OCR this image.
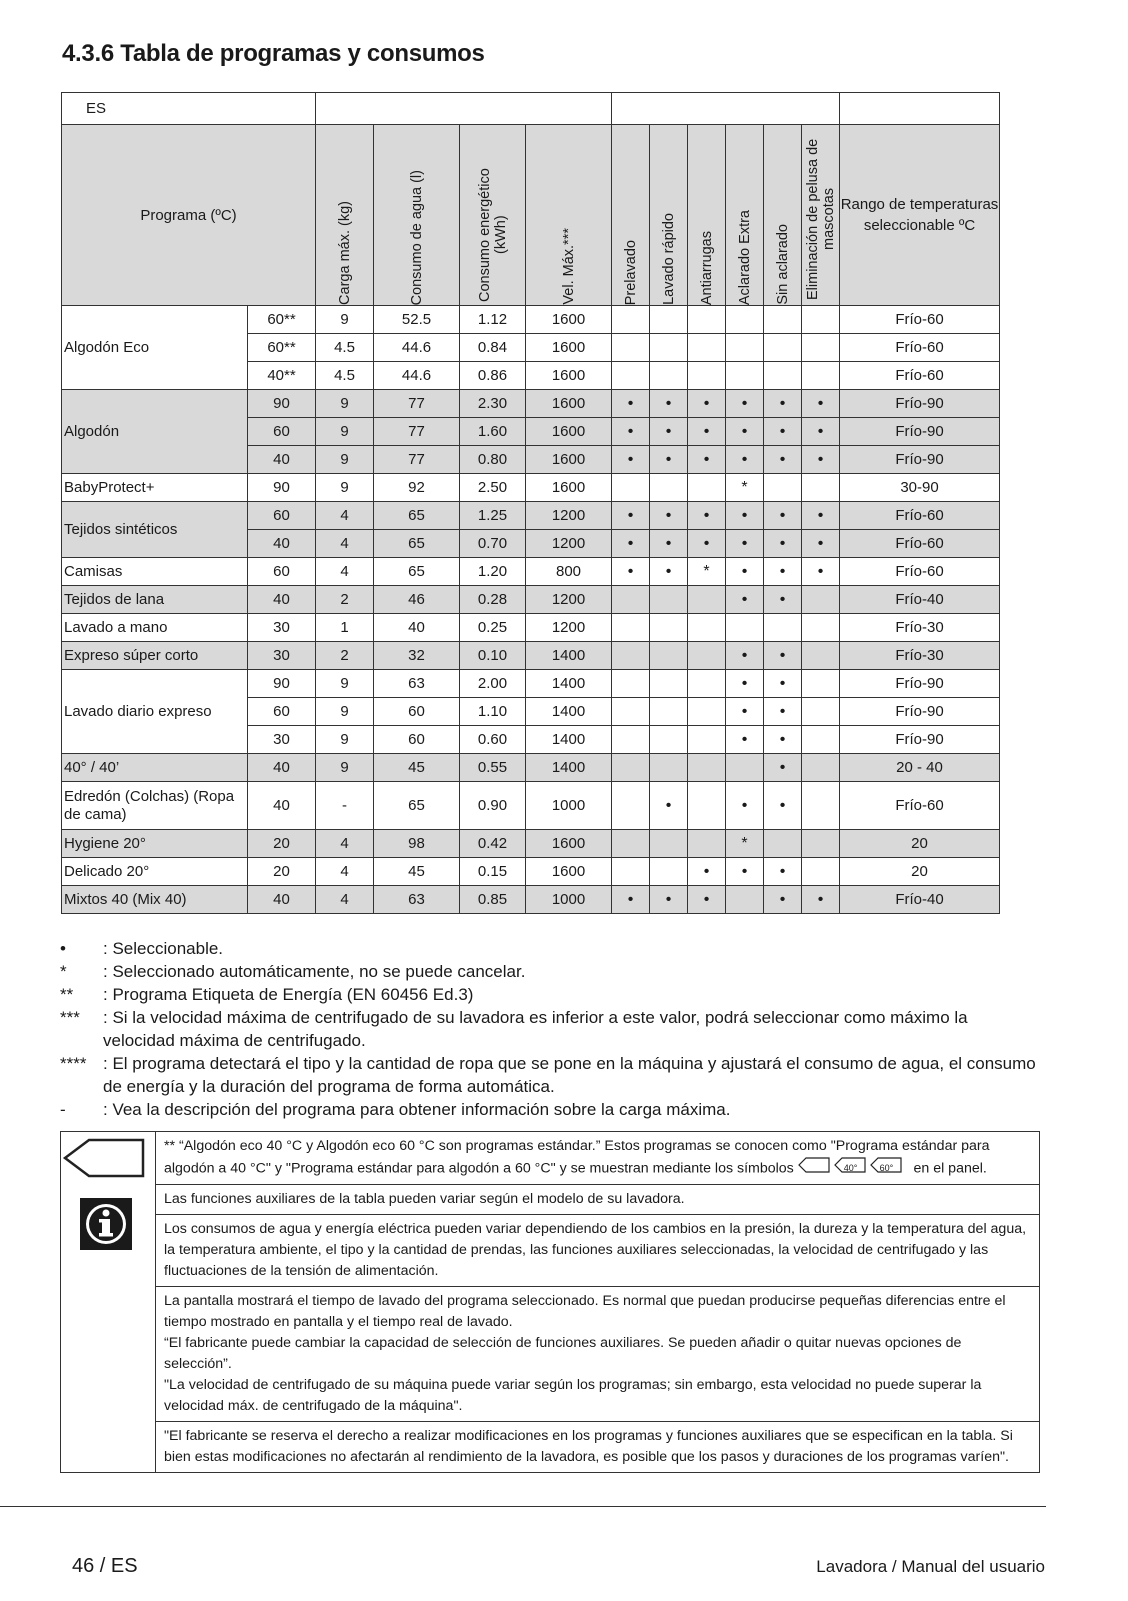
4.3.6 Tabla de programas y consumos
ES												
Programa (ºC)		Carga máx. (kg)	Consumo de agua (l)	Consumo energético (kWh)	Vel. Máx.***	Prelavado	Lavado rápido	Antiarrugas	Aclarado Extra	Sin aclarado	Eliminación de pelusa de mascotas	Rango de temperaturas seleccionable ºC
Algodón Eco	60**	9	52.5	1.12	1600							Frío-60
	60**	4.5	44.6	0.84	1600							Frío-60
	40**	4.5	44.6	0.86	1600							Frío-60
Algodón	90	9	77	2.30	1600	•	•	•	•	•	•	Frío-90
	60	9	77	1.60	1600	•	•	•	•	•	•	Frío-90
	40	9	77	0.80	1600	•	•	•	•	•	•	Frío-90
BabyProtect+	90	9	92	2.50	1600				*			30-90
Tejidos sintéticos	60	4	65	1.25	1200	•	•	•	•	•	•	Frío-60
	40	4	65	0.70	1200	•	•	•	•	•	•	Frío-60
Camisas	60	4	65	1.20	800	•	•	*	•	•	•	Frío-60
Tejidos de lana	40	2	46	0.28	1200				•	•		Frío-40
Lavado a mano	30	1	40	0.25	1200							Frío-30
Expreso súper corto	30	2	32	0.10	1400				•	•		Frío-30
Lavado diario expreso	90	9	63	2.00	1400				•	•		Frío-90
	60	9	60	1.10	1400				•	•		Frío-90
	30	9	60	0.60	1400				•	•		Frío-90
40° / 40’	40	9	45	0.55	1400					•		20 - 40
Edredón (Colchas) (Ropa de cama)	40	-	65	0.90	1000		•		•	•		Frío-60
Hygiene 20°	20	4	98	0.42	1600				*			20
Delicado 20°	20	4	45	0.15	1600			•	•	•		20
Mixtos 40 (Mix 40)	40	4	63	0.85	1000	•	•	•		•	•	Frío-40
•	: Seleccionable.
*	: Seleccionado automáticamente, no se puede cancelar.
**	: Programa Etiqueta de Energía (EN 60456 Ed.3)
***	: Si la velocidad máxima de centrifugado de su lavadora es inferior a este valor, podrá seleccionar como máximo la velocidad máxima de centrifugado.
**** : El programa detectará el tipo y la cantidad de ropa que se pone en la máquina y ajustará el consumo de agua, el consumo de energía y la duración del programa de forma automática.
-	: Vea la descripción del programa para obtener información sobre la carga máxima.
** “Algodón eco 40 °C y Algodón eco 60 °C son programas estándar.” Estos programas se conocen como "Programa estándar para algodón a 40 °C" y "Programa estándar para algodón a 60 °C" y se muestran mediante los símbolos	40°
60° en el panel.
Las funciones auxiliares de la tabla pueden variar según el modelo de su lavadora.
Los consumos de agua y energía eléctrica pueden variar dependiendo de los cambios en la presión, la dureza y la temperatura del agua, la temperatura ambiente, el tipo y la cantidad de prendas, las funciones auxiliares seleccionadas, la velocidad de centrifugado y las fluctuaciones de la tensión de alimentación.
La pantalla mostrará el tiempo de lavado del programa seleccionado. Es normal que puedan producirse pequeñas diferencias entre el tiempo mostrado en pantalla y el tiempo real de lavado.
“El fabricante puede cambiar la capacidad de selección de funciones auxiliares. Se pueden añadir o quitar nuevas opciones de selección”.
"La velocidad de centrifugado de su máquina puede variar según los programas; sin embargo, esta velocidad no puede superar la velocidad máx. de centrifugado de la máquina".
"El fabricante se reserva el derecho a realizar modificaciones en los programas y funciones auxiliares que se especifican en la tabla. Si bien estas modificaciones no afectarán al rendimiento de la lavadora, es posible que los pasos y duraciones de los programas varíen".
46 / ES	Lavadora / Manual del usuario
